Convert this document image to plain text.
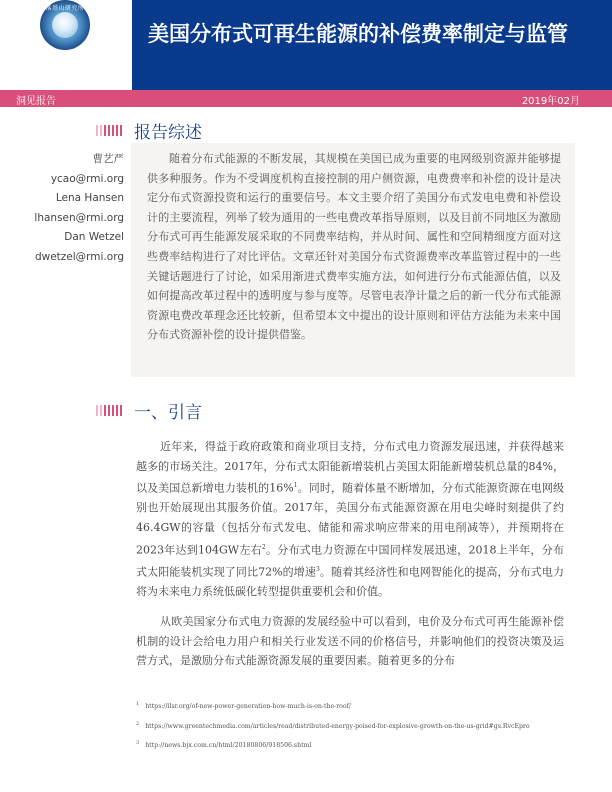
落基山研究所
美国分布式可再生能源的补偿费率制定与监管
洞见报告	2019年02月
报告综述
曹艺严
ycao@rmi.org
Lena Hansen
lhansen@rmi.org
Dan Wetzel
dwetzel@rmi.org

随着分布式能源的不断发展，其规模在美国已成为重要的电网级别资源并能够提供多种服务。作为不受调度机构直接控制的用户侧资源，电费费率和补偿的设计是决定分布式资源投资和运行的重要信号。本文主要介绍了美国分布式发电电费和补偿设计的主要流程，列举了较为通用的一些电费改革指导原则，以及目前不同地区为激励分布式可再生能源发展采取的不同费率结构，并从时间、属性和空间精细度方面对这些费率结构进行了对比评估。文章还针对美国分布式资源费率改革监管过程中的一些关键话题进行了讨论，如采用渐进式费率实施方法，如何进行分布式能源估值，以及如何提高改革过程中的透明度与参与度等。尽管电表净计量之后的新一代分布式能源资源电费改革理念还比较新，但希望本文中提出的设计原则和评估方法能为未来中国分布式资源补偿的设计提供借鉴。

一、引言

近年来，得益于政府政策和商业项目支持，分布式电力资源发展迅速，并获得越来越多的市场关注。2017年，分布式太阳能新增装机占美国太阳能新增装机总量的84%，以及美国总新增电力装机的16%$^1$。同时，随着体量不断增加，分布式能源资源在电网级别也开始展现出其服务价值。2017年，美国分布式能源资源在用电尖峰时刻提供了约46.4GW的容量（包括分布式发电、储能和需求响应带来的用电削减等），并预期将在2023年达到104GW左右$^2$。分布式电力资源在中国同样发展迅速，2018上半年，分布式太阳能装机实现了同比72%的增速$^3$。随着其经济性和电网智能化的提高，分布式电力将为未来电力系统低碳化转型提供重要机会和价值。

从欧美国家分布式电力资源的发展经验中可以看到，电价及分布式可再生能源补偿机制的设计会给电力用户和相关行业发送不同的价格信号，并影响他们的投资决策及运营方式，是激励分布式能源资源发展的重要因素。随着更多的分布

$^1$ https://ilsr.org/of-new-power-generation-how-much-is-on-the-roof/
$^2$ https://www.greentechmedia.com/articles/read/distributed-energy-poised-for-explosive-growth-on-the-us-grid#gs.RvcEpro
$^3$ http://news.bjx.com.cn/html/20180806/918506.shtml
